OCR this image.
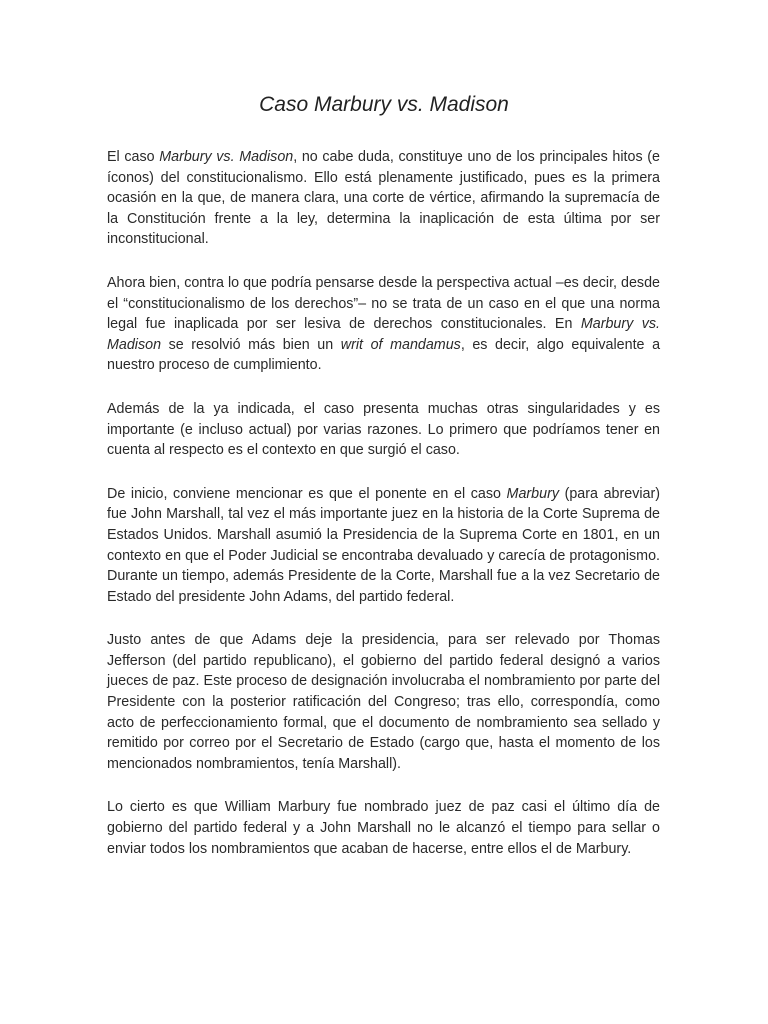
Caso Marbury vs. Madison

El caso Marbury vs. Madison, no cabe duda, constituye uno de los principales hitos (e íconos) del constitucionalismo. Ello está plenamente justificado, pues es la primera ocasión en la que, de manera clara, una corte de vértice, afirmando la supremacía de la Constitución frente a la ley, determina la inaplicación de esta última por ser inconstitucional.

Ahora bien, contra lo que podría pensarse desde la perspectiva actual –es decir, desde el “constitucionalismo de los derechos”– no se trata de un caso en el que una norma legal fue inaplicada por ser lesiva de derechos constitucionales. En Marbury vs. Madison se resolvió más bien un writ of mandamus, es decir, algo equivalente a nuestro proceso de cumplimiento.

Además de la ya indicada, el caso presenta muchas otras singularidades y es importante (e incluso actual) por varias razones. Lo primero que podríamos tener en cuenta al respecto es el contexto en que surgió el caso.

De inicio, conviene mencionar es que el ponente en el caso Marbury (para abreviar) fue John Marshall, tal vez el más importante juez en la historia de la Corte Suprema de Estados Unidos. Marshall asumió la Presidencia de la Suprema Corte en 1801, en un contexto en que el Poder Judicial se encontraba devaluado y carecía de protagonismo. Durante un tiempo, además Presidente de la Corte, Marshall fue a la vez Secretario de Estado del presidente John Adams, del partido federal.

Justo antes de que Adams deje la presidencia, para ser relevado por Thomas Jefferson (del partido republicano), el gobierno del partido federal designó a varios jueces de paz. Este proceso de designación involucraba el nombramiento por parte del Presidente con la posterior ratificación del Congreso; tras ello, correspondía, como acto de perfeccionamiento formal, que el documento de nombramiento sea sellado y remitido por correo por el Secretario de Estado (cargo que, hasta el momento de los mencionados nombramientos, tenía Marshall).

Lo cierto es que William Marbury fue nombrado juez de paz casi el último día de gobierno del partido federal y a John Marshall no le alcanzó el tiempo para sellar o enviar todos los nombramientos que acaban de hacerse, entre ellos el de Marbury.
